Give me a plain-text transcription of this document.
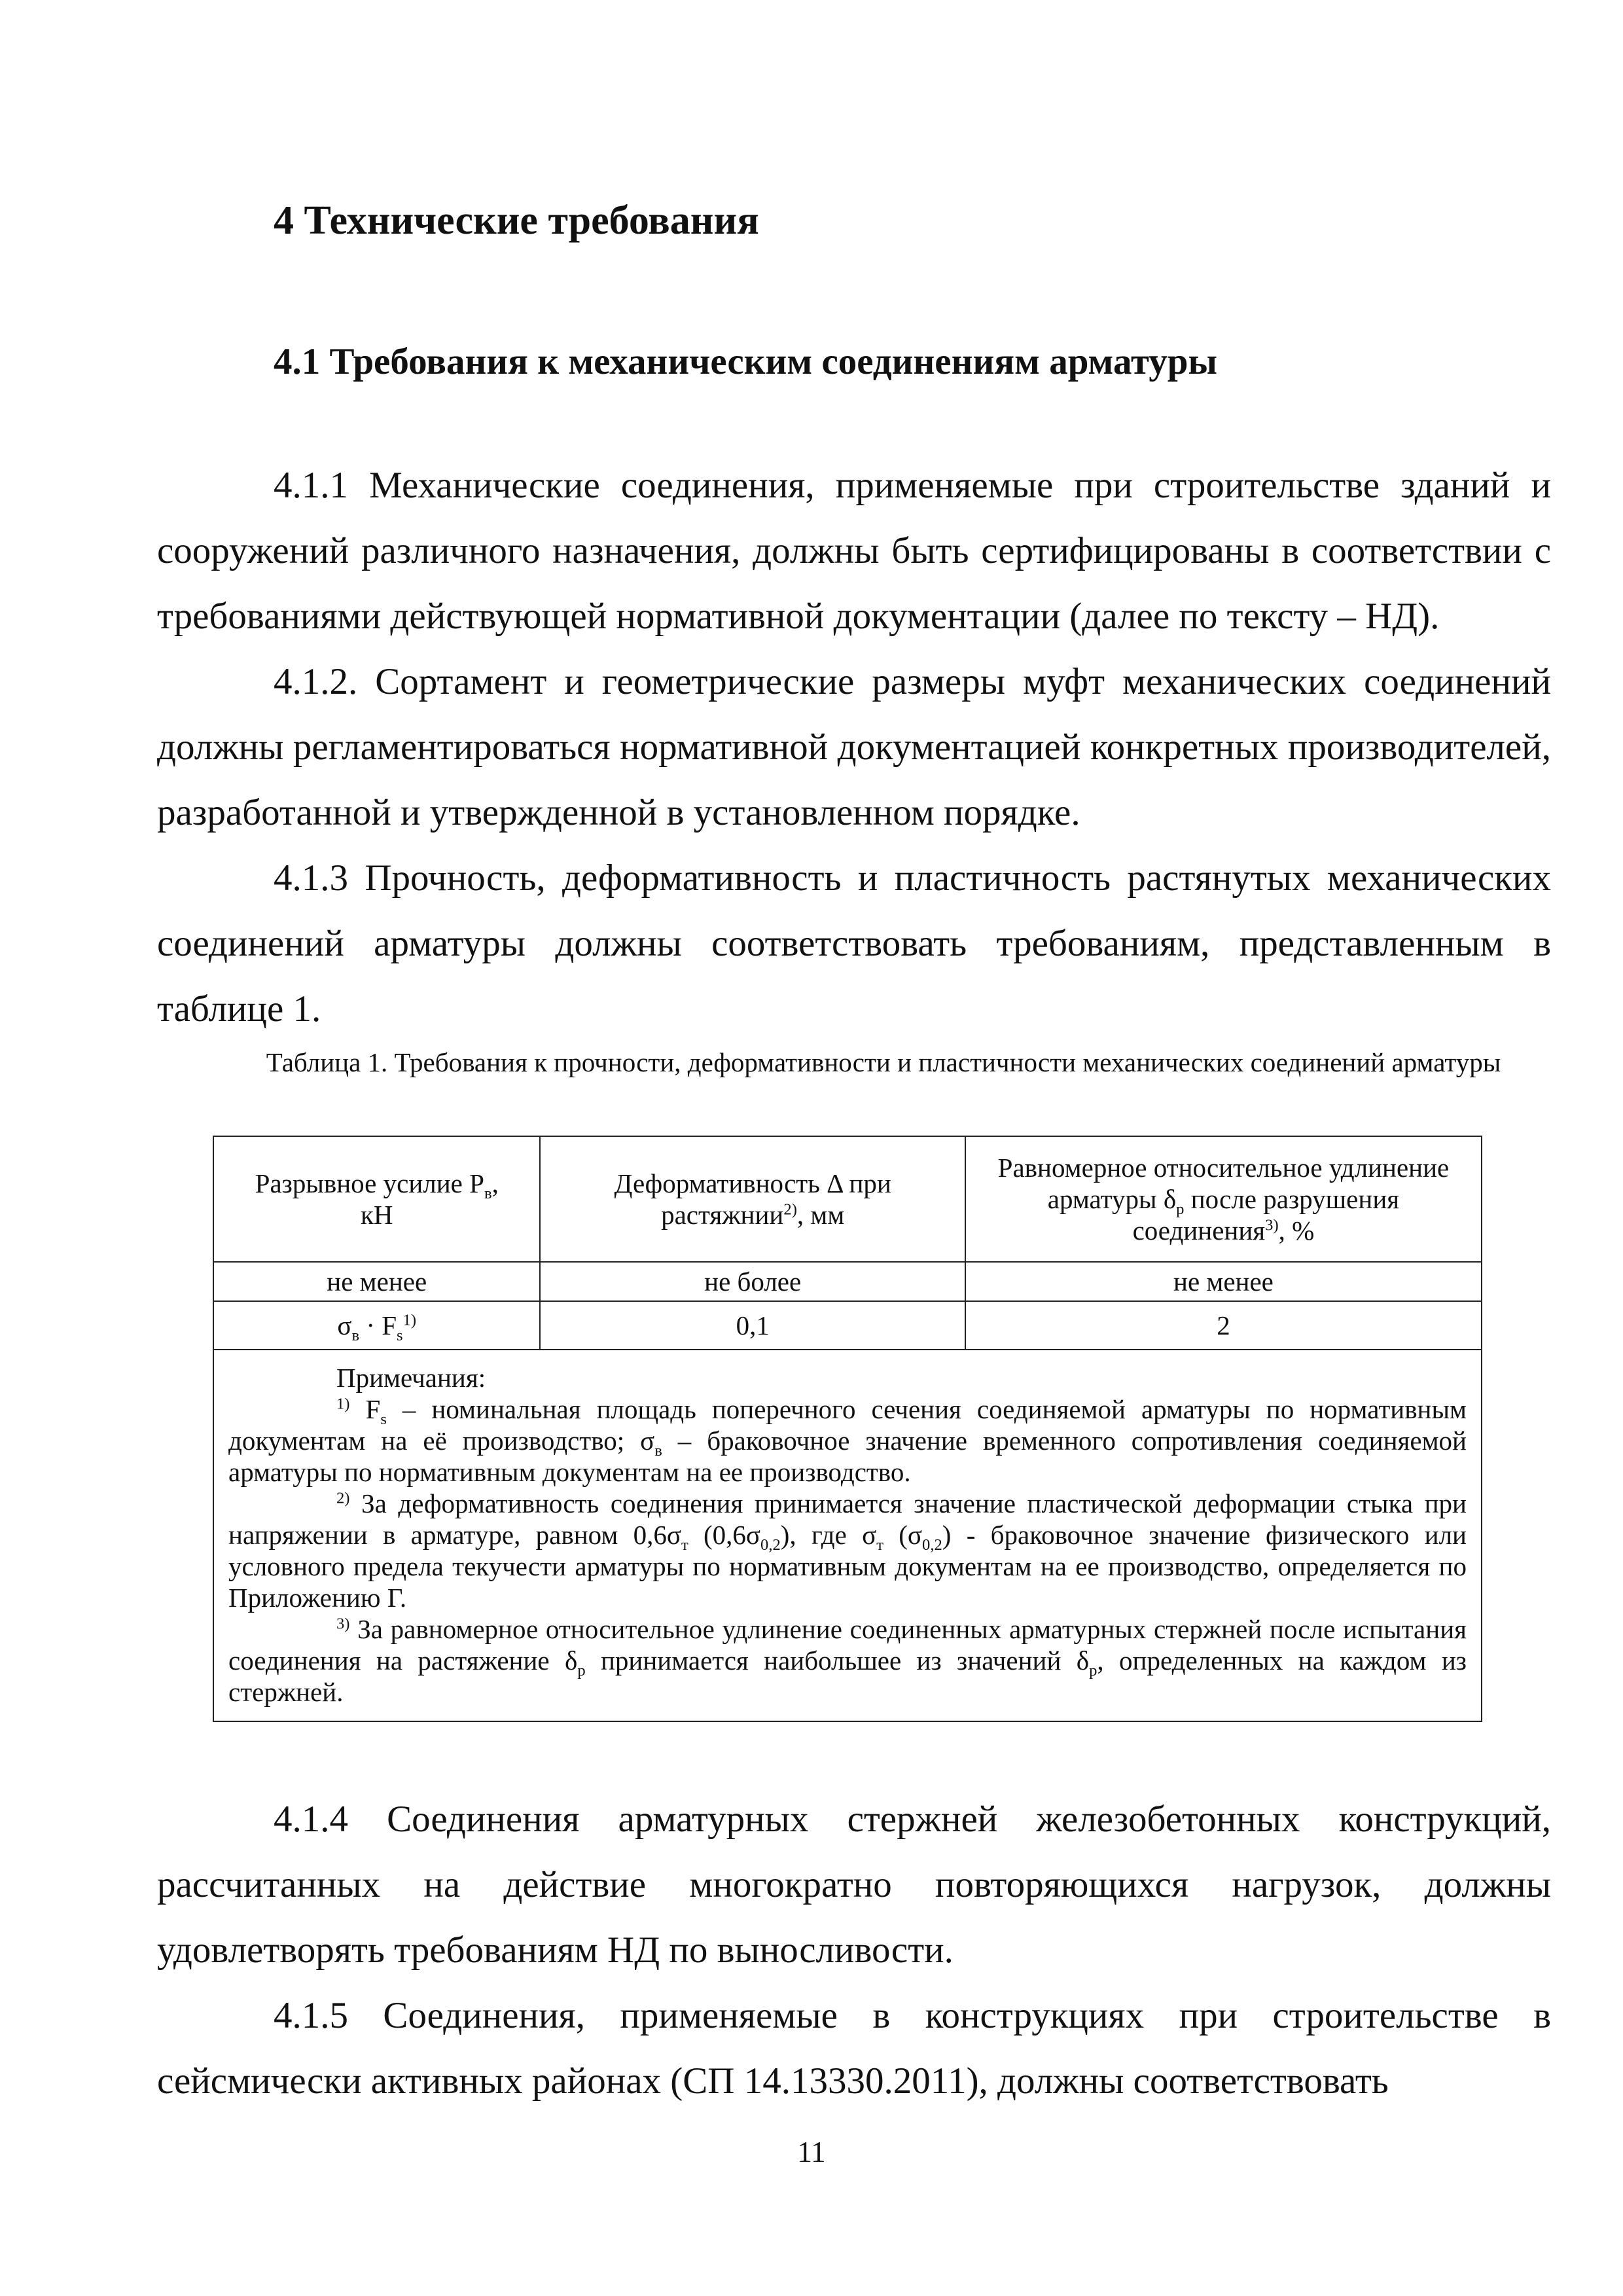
4 Технические требования
4.1 Требования к механическим соединениям арматуры

4.1.1 Механические соединения, применяемые при строительстве зданий и сооружений различного назначения, должны быть сертифицированы в соответствии с требованиями действующей нормативной документации (далее по тексту – НД).

4.1.2. Сортамент и геометрические размеры муфт механических соединений должны регламентироваться нормативной документацией конкретных производителей, разработанной и утвержденной в установленном порядке.

4.1.3 Прочность, деформативность и пластичность растянутых механических соединений арматуры должны соответствовать требованиям, представленным в таблице 1.

Таблица 1. Требования к прочности, деформативности и пластичности механических соединений арматуры
Разрывное усилие $P_в$,
кН	Деформативность Δ при растяжнии$^{2)}$, мм	Равномерное относительное удлинение арматуры $\delta_р$ после разрушения соединения$^{3)}$, %
не менее	не более	не менее
$\sigma_в \cdot F_s^{1)}$	0,1	2

Примечания:

$^{1)}$ $F_s$ – номинальная площадь поперечного сечения соединяемой арматуры по нормативным документам на её производство; $\sigma_в$ – браковочное значение временного сопротивления соединяемой арматуры по нормативным документам на ее производство.

$^{2)}$ За деформативность соединения принимается значение пластической деформации стыка при напряжении в арматуре, равном $0,6\sigma_т$ $(0,6\sigma_{0,2})$, где $\sigma_т$ $(\sigma_{0,2})$ - браковочное значение физического или условного предела текучести арматуры по нормативным документам на ее производство, определяется по Приложению Г.

$^{3)}$ За равномерное относительное удлинение соединенных арматурных стержней после испытания соединения на растяжение $\delta_р$ принимается наибольшее из значений $\delta_р$, определенных на каждом из стержней.		

4.1.4 Соединения арматурных стержней железобетонных конструкций, рассчитанных на действие многократно повторяющихся нагрузок, должны удовлетворять требованиям НД по выносливости.

4.1.5 Соединения, применяемые в конструкциях при строительстве в сейсмически активных районах (СП 14.13330.2011), должны соответствовать

11
